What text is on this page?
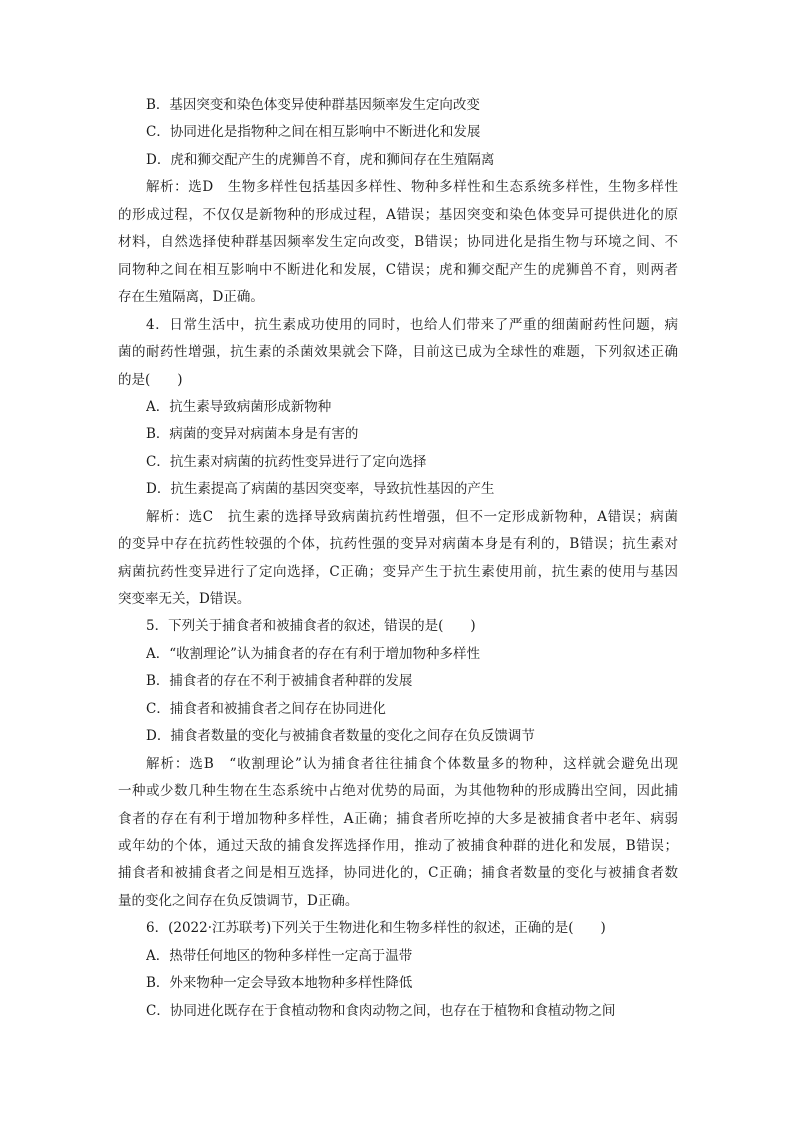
B．基因突变和染色体变异使种群基因频率发生定向改变
C．协同进化是指物种之间在相互影响中不断进化和发展
D．虎和狮交配产生的虎狮兽不育，虎和狮间存在生殖隔离
解析：选D　生物多样性包括基因多样性、物种多样性和生态系统多样性，生物多样性
的形成过程，不仅仅是新物种的形成过程，A错误；基因突变和染色体变异可提供进化的原
材料，自然选择使种群基因频率发生定向改变，B错误；协同进化是指生物与环境之间、不
同物种之间在相互影响中不断进化和发展，C错误；虎和狮交配产生的虎狮兽不育，则两者
存在生殖隔离，D正确。
4．日常生活中，抗生素成功使用的同时，也给人们带来了严重的细菌耐药性问题，病
菌的耐药性增强，抗生素的杀菌效果就会下降，目前这已成为全球性的难题，下列叙述正确
的是(　　)
A．抗生素导致病菌形成新物种
B．病菌的变异对病菌本身是有害的
C．抗生素对病菌的抗药性变异进行了定向选择
D．抗生素提高了病菌的基因突变率，导致抗性基因的产生
解析：选C　抗生素的选择导致病菌抗药性增强，但不一定形成新物种，A错误；病菌
的变异中存在抗药性较强的个体，抗药性强的变异对病菌本身是有利的，B错误；抗生素对
病菌抗药性变异进行了定向选择，C正确；变异产生于抗生素使用前，抗生素的使用与基因
突变率无关，D错误。
5．下列关于捕食者和被捕食者的叙述，错误的是(　　)
A．“收割理论”认为捕食者的存在有利于增加物种多样性
B．捕食者的存在不利于被捕食者种群的发展
C．捕食者和被捕食者之间存在协同进化
D．捕食者数量的变化与被捕食者数量的变化之间存在负反馈调节
解析：选B　“收割理论”认为捕食者往往捕食个体数量多的物种，这样就会避免出现
一种或少数几种生物在生态系统中占绝对优势的局面，为其他物种的形成腾出空间，因此捕
食者的存在有利于增加物种多样性，A正确；捕食者所吃掉的大多是被捕食者中老年、病弱
或年幼的个体，通过天敌的捕食发挥选择作用，推动了被捕食种群的进化和发展，B错误；
捕食者和被捕食者之间是相互选择，协同进化的，C正确；捕食者数量的变化与被捕食者数
量的变化之间存在负反馈调节，D正确。
6．(2022·江苏联考)下列关于生物进化和生物多样性的叙述，正确的是(　　)
A．热带任何地区的物种多样性一定高于温带
B．外来物种一定会导致本地物种多样性降低
C．协同进化既存在于食植动物和食肉动物之间，也存在于植物和食植动物之间
